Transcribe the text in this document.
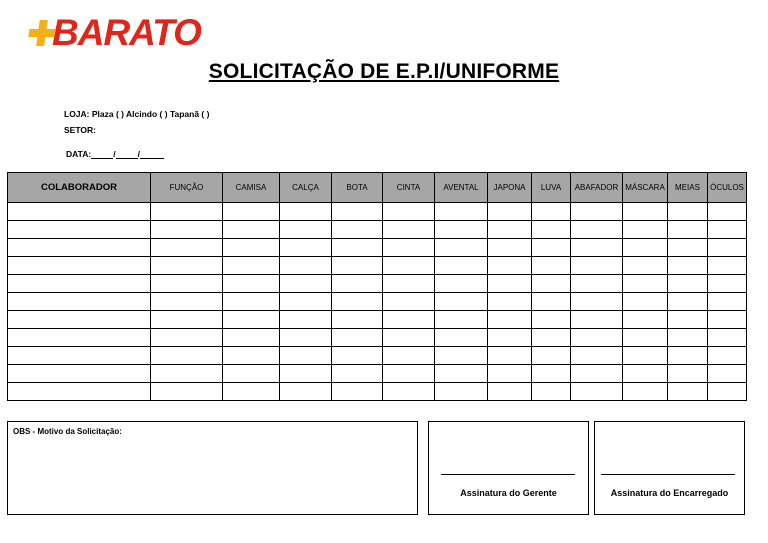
BARATO
SOLICITAÇÃO DE E.P.I/UNIFORME
LOJA: Plaza ( ) Alcindo ( ) Tapanã ( )
SETOR:
DATA:	/	/
COLABORADOR	FUNÇÃO	CAMISA	CALÇA	BOTA	CINTA	AVENTAL	JAPONA	LUVA	ABAFADOR	MÁSCARA	MEIAS	ÓCULOS

OBS - Motivo da Solicitação:
Assinatura do Gerente	Assinatura do Encarregado
